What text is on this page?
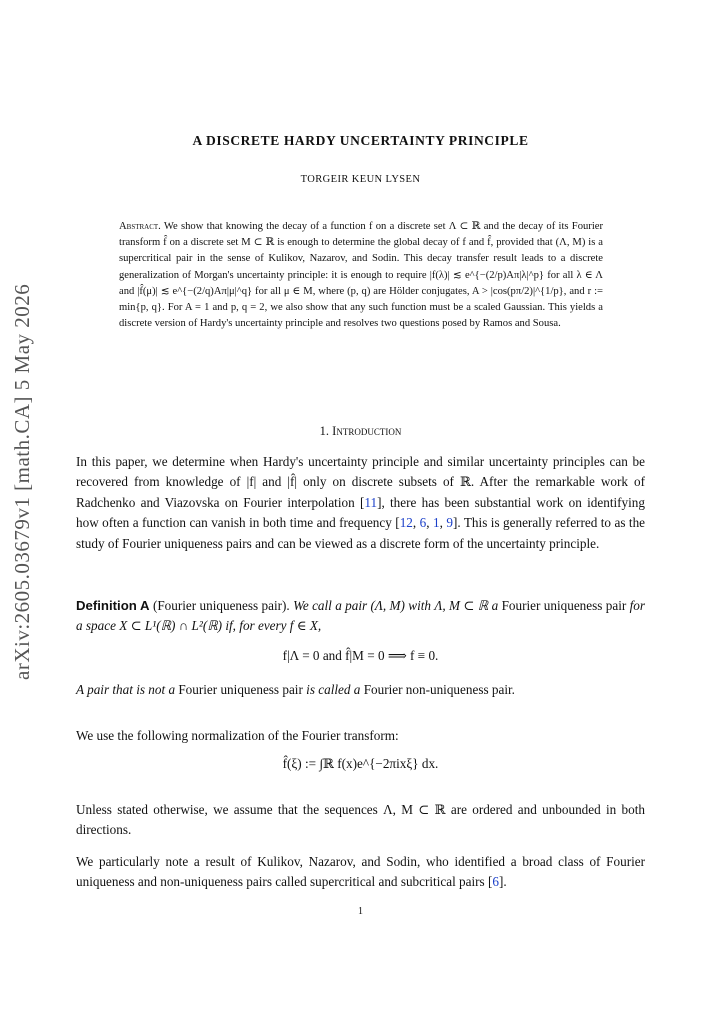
arXiv:2605.03679v1 [math.CA] 5 May 2026
A DISCRETE HARDY UNCERTAINTY PRINCIPLE
TORGEIR KEUN LYSEN
Abstract. We show that knowing the decay of a function f on a discrete set Λ ⊂ ℝ and the decay of its Fourier transform f̂ on a discrete set M ⊂ ℝ is enough to determine the global decay of f and f̂, provided that (Λ, M) is a supercritical pair in the sense of Kulikov, Nazarov, and Sodin. This decay transfer result leads to a discrete generalization of Morgan's uncertainty principle: it is enough to require |f(λ)| ≲ e^{−(2/p)Aπ|λ|^p} for all λ ∈ Λ and |f̂(μ)| ≲ e^{−(2/q)Aπ|μ|^q} for all μ ∈ M, where (p, q) are Hölder conjugates, A > |cos(pπ/2)|^{1/p}, and r := min{p, q}. For A = 1 and p, q = 2, we also show that any such function must be a scaled Gaussian. This yields a discrete version of Hardy's uncertainty principle and resolves two questions posed by Ramos and Sousa.
1. Introduction
In this paper, we determine when Hardy's uncertainty principle and similar uncertainty principles can be recovered from knowledge of |f| and |f̂| only on discrete subsets of ℝ. After the remarkable work of Radchenko and Viazovska on Fourier interpolation [11], there has been substantial work on identifying how often a function can vanish in both time and frequency [12, 6, 1, 9]. This is generally referred to as the study of Fourier uniqueness pairs and can be viewed as a discrete form of the uncertainty principle.
Definition A (Fourier uniqueness pair). We call a pair (Λ, M) with Λ, M ⊂ ℝ a Fourier uniqueness pair for a space X ⊂ L¹(ℝ) ∩ L²(ℝ) if, for every f ∈ X,
f|Λ = 0 and f̂|M = 0 ⟹ f ≡ 0.
A pair that is not a Fourier uniqueness pair is called a Fourier non-uniqueness pair.
We use the following normalization of the Fourier transform:
f̂(ξ) := ∫ℝ f(x)e^{−2πixξ} dx.
Unless stated otherwise, we assume that the sequences Λ, M ⊂ ℝ are ordered and unbounded in both directions.
We particularly note a result of Kulikov, Nazarov, and Sodin, who identified a broad class of Fourier uniqueness and non-uniqueness pairs called supercritical and subcritical pairs [6].
1
